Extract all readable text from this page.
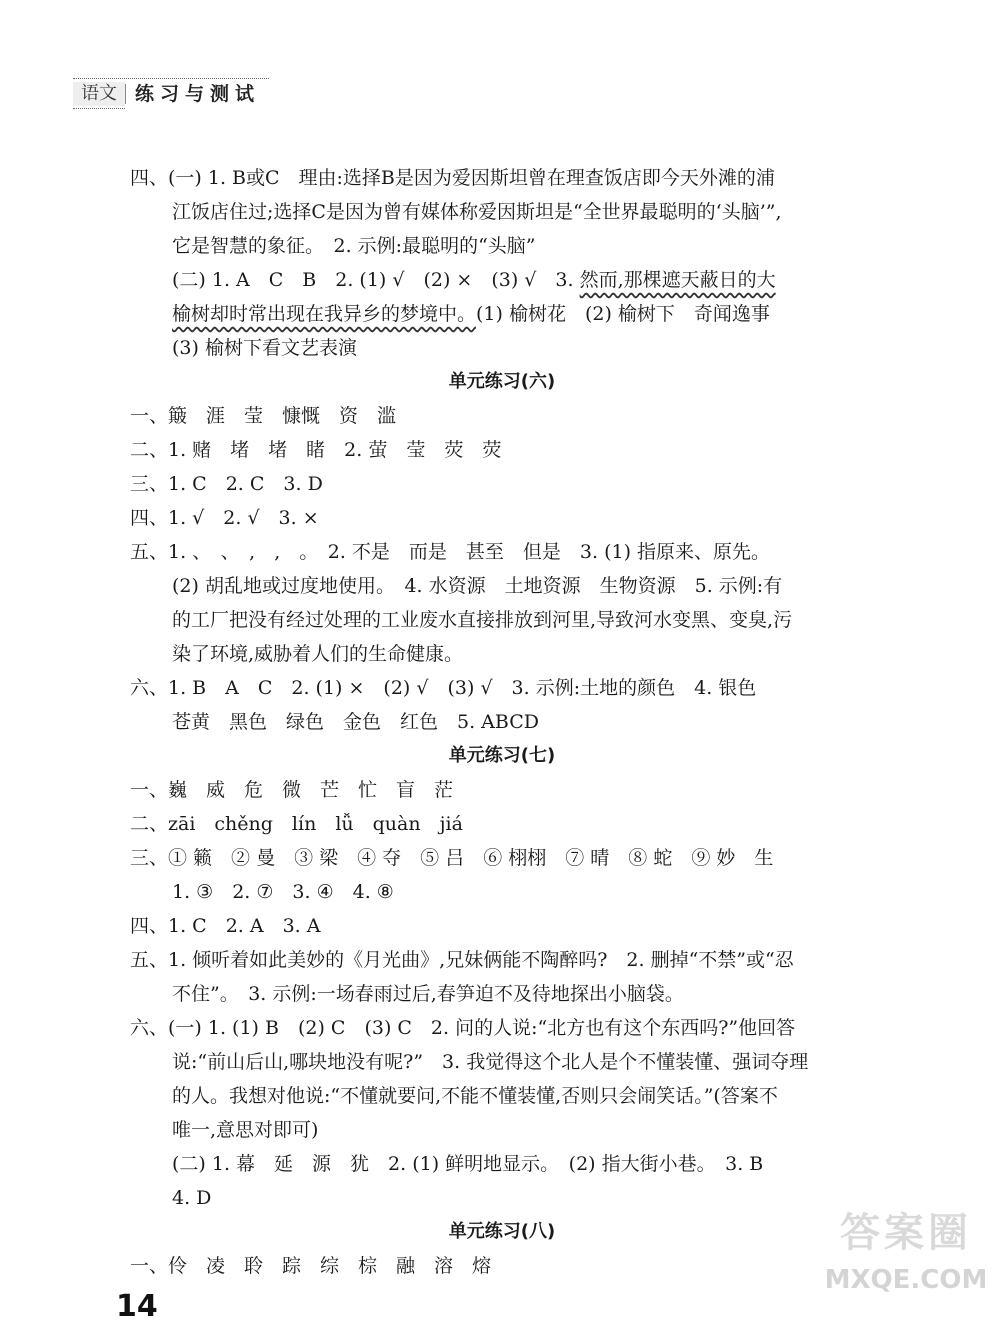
语文 练习与测试
四、(一) 1. B或C　理由:选择B是因为爱因斯坦曾在理查饭店即今天外滩的浦
江饭店住过;选择C是因为曾有媒体称爱因斯坦是“全世界最聪明的‘头脑’”,
它是智慧的象征。　2. 示例:最聪明的“头脑”
(二) 1. A　C　B　2. (1) √　(2) ×　(3) √　3. 然而,那棵遮天蔽日的大
榆树却时常出现在我异乡的梦境中。(1) 榆树花　(2) 榆树下　奇闻逸事
(3) 榆树下看文艺表演
单元练习(六)
一、簸　涯　莹　慷慨　资　滥
二、1. 赌　堵　堵　睹　2. 萤　莹　荧　荧
三、1. C　2. C　3. D
四、1. √　2. √　3. ×
五、1. 、　、　,　,　。　2. 不是　而是　甚至　但是　3. (1) 指原来、原先。
(2) 胡乱地或过度地使用。　4. 水资源　土地资源　生物资源　5. 示例:有
的工厂把没有经过处理的工业废水直接排放到河里,导致河水变黑、变臭,污
染了环境,威胁着人们的生命健康。
六、1. B　A　C　2. (1) ×　(2) √　(3) √　3. 示例:土地的颜色　4. 银色
苍黄　黑色　绿色　金色　红色　5. ABCD
单元练习(七)
一、巍　威　危　微　芒　忙　盲　茫
二、zāi　chěng　lín　lǚ　quàn　jiá
三、① 籁　② 曼　③ 梁　④ 夺　⑤ 吕　⑥ 栩栩　⑦ 晴　⑧ 蛇　⑨ 妙　生
1. ③　2. ⑦　3. ④　4. ⑧
四、1. C　2. A　3. A
五、1. 倾听着如此美妙的《月光曲》,兄妹俩能不陶醉吗?　2. 删掉“不禁”或“忍
不住”。　3. 示例:一场春雨过后,春笋迫不及待地探出小脑袋。
六、(一) 1. (1) B　(2) C　(3) C　2. 问的人说:“北方也有这个东西吗?”他回答
说:“前山后山,哪块地没有呢?”　3. 我觉得这个北人是个不懂装懂、强词夺理
的人。我想对他说:“不懂就要问,不能不懂装懂,否则只会闹笑话。”(答案不
唯一,意思对即可)
(二) 1. 幕　延　源　犹　2. (1) 鲜明地显示。　(2) 指大街小巷。　3. B
4. D
单元练习(八)
一、伶　凌　聆　踪　综　棕　融　溶　熔
14
答案圈
MXQE.COM
